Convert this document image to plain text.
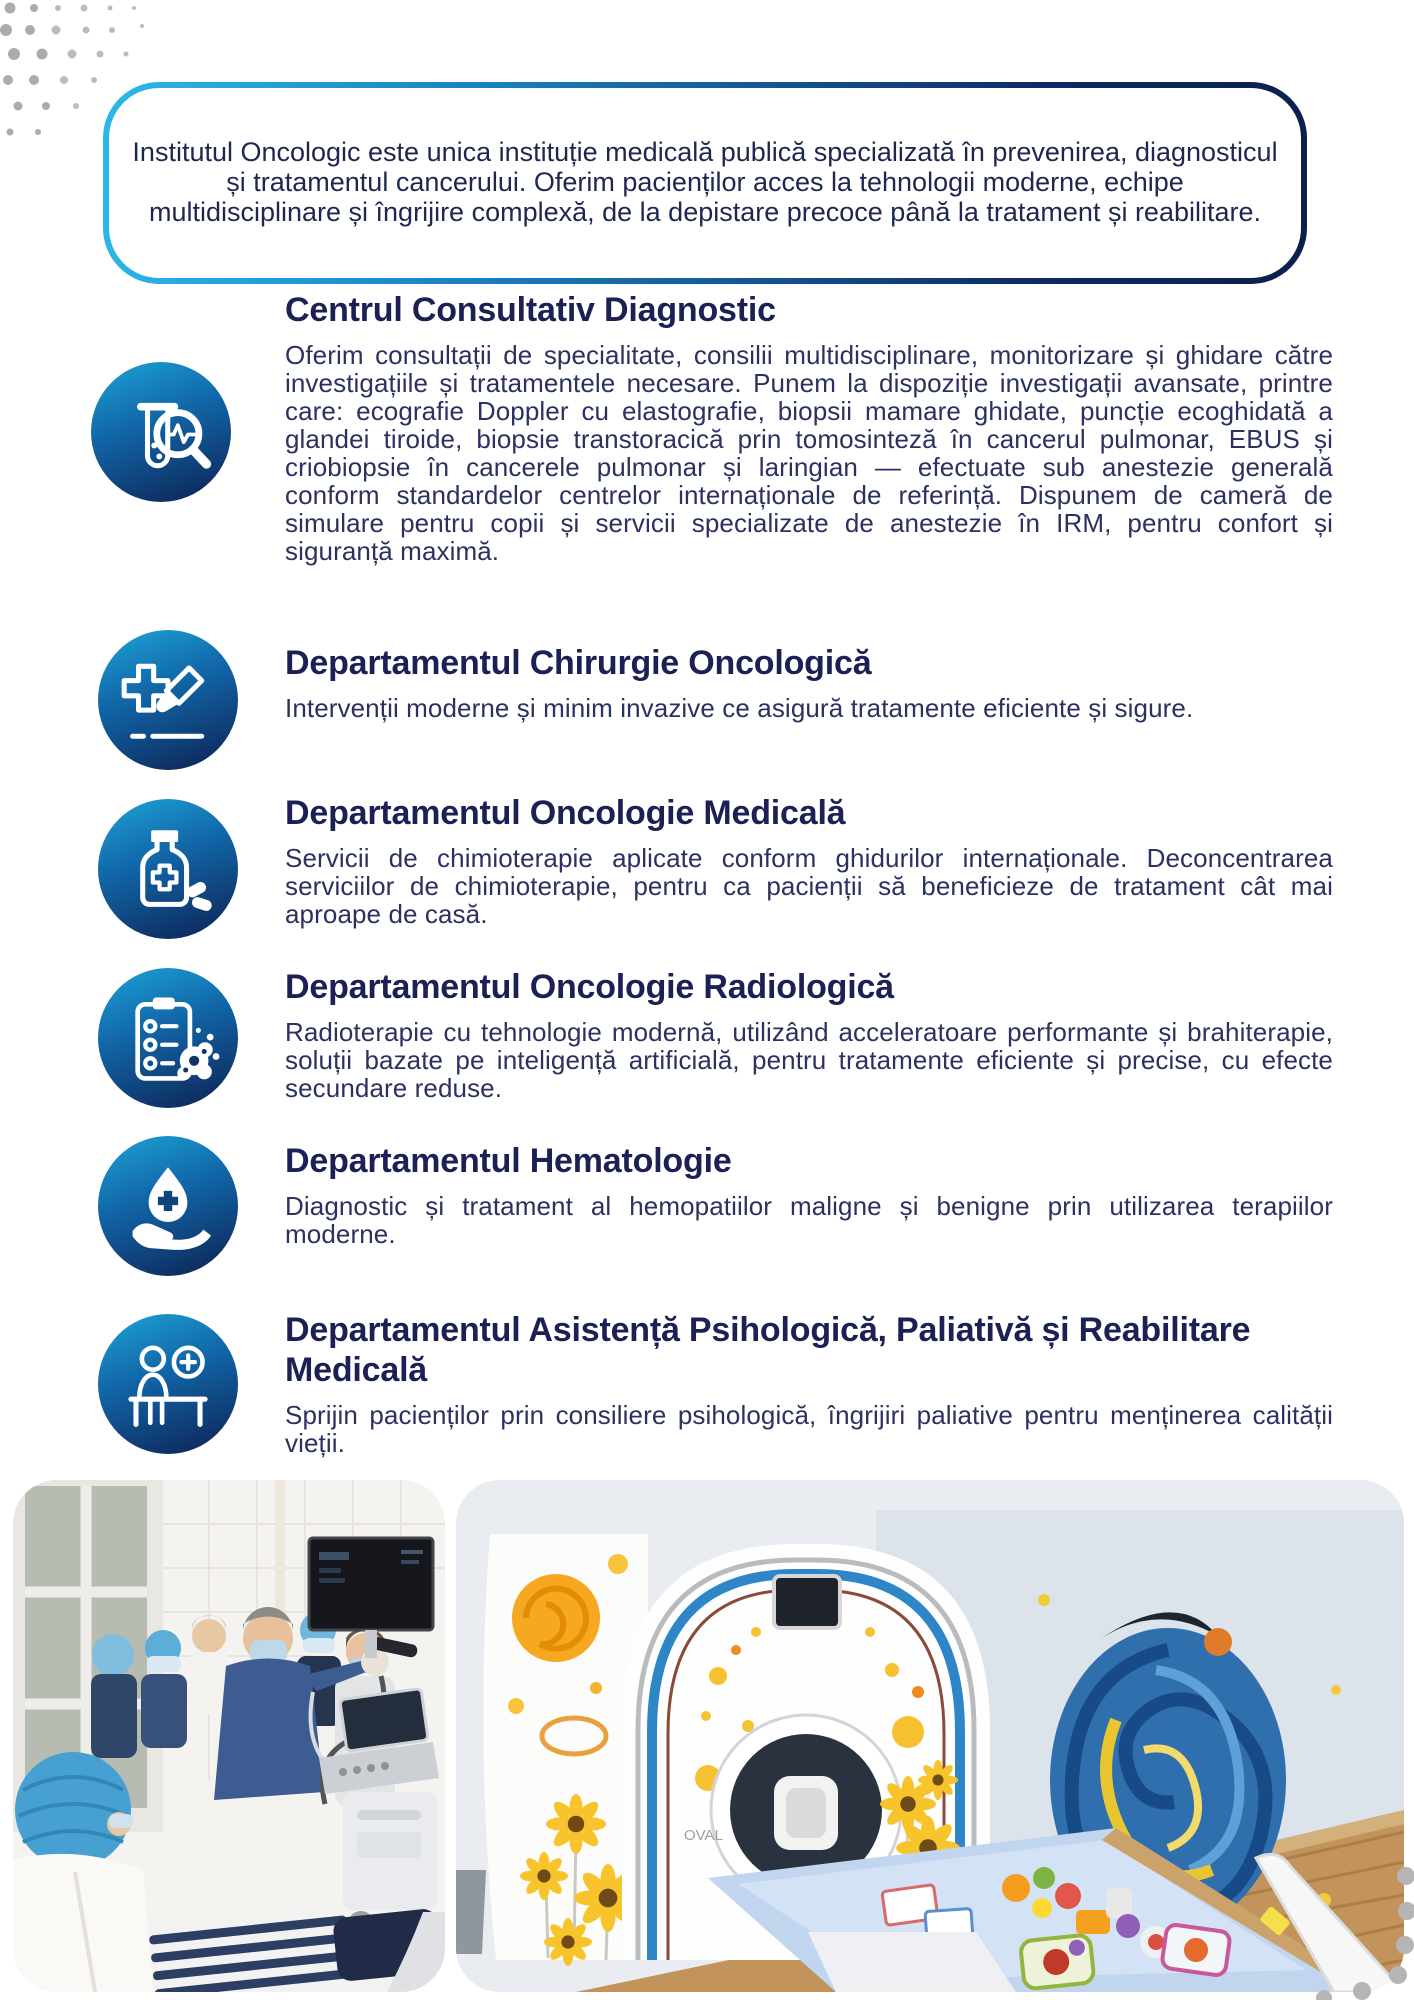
Institutul Oncologic este unica instituție medicală publică specializată în prevenirea, diagnosticul și tratamentul cancerului. Oferim pacienților acces la tehnologii moderne, echipe multidisciplinare și îngrijire complexă, de la depistare precoce până la tratament și reabilitare.

Centrul Consultativ Diagnostic

Oferim consultații de specialitate, consilii multidisciplinare, monitorizare și ghidare către investigațiile și tratamentele necesare. Punem la dispoziție investigații avansate, printre care: ecografie Doppler cu elastografie, biopsii mamare ghidate, puncție ecoghidată a glandei tiroide, biopsie transtoracică prin tomosinteză în cancerul pulmonar, EBUS și criobiopsie în cancerele pulmonar și laringian — efectuate sub anestezie generală conform standardelor centrelor internaționale de referință. Dispunem de cameră de simulare pentru copii și servicii specializate de anestezie în IRM, pentru confort și siguranță maximă.

Departamentul Chirurgie Oncologică

Intervenții moderne și minim invazive ce asigură tratamente eficiente și sigure.

Departamentul Oncologie Medicală

Servicii de chimioterapie aplicate conform ghidurilor internaționale. Deconcentrarea serviciilor de chimioterapie, pentru ca pacienții să beneficieze de tratament cât mai aproape de casă.

Departamentul Oncologie Radiologică

Radioterapie cu tehnologie modernă, utilizând acceleratoare performante și brahiterapie, soluții bazate pe inteligență artificială, pentru tratamente eficiente și precise, cu efecte secundare reduse.

Departamentul Hematologie

Diagnostic și tratament al hemopatiilor maligne și benigne prin utilizarea terapiilor moderne.

Departamentul Asistență Psihologică, Paliativă și Reabilitare Medicală

Sprijin pacienților prin consiliere psihologică, îngrijiri paliative pentru menținerea calității vieții.

OVAL
